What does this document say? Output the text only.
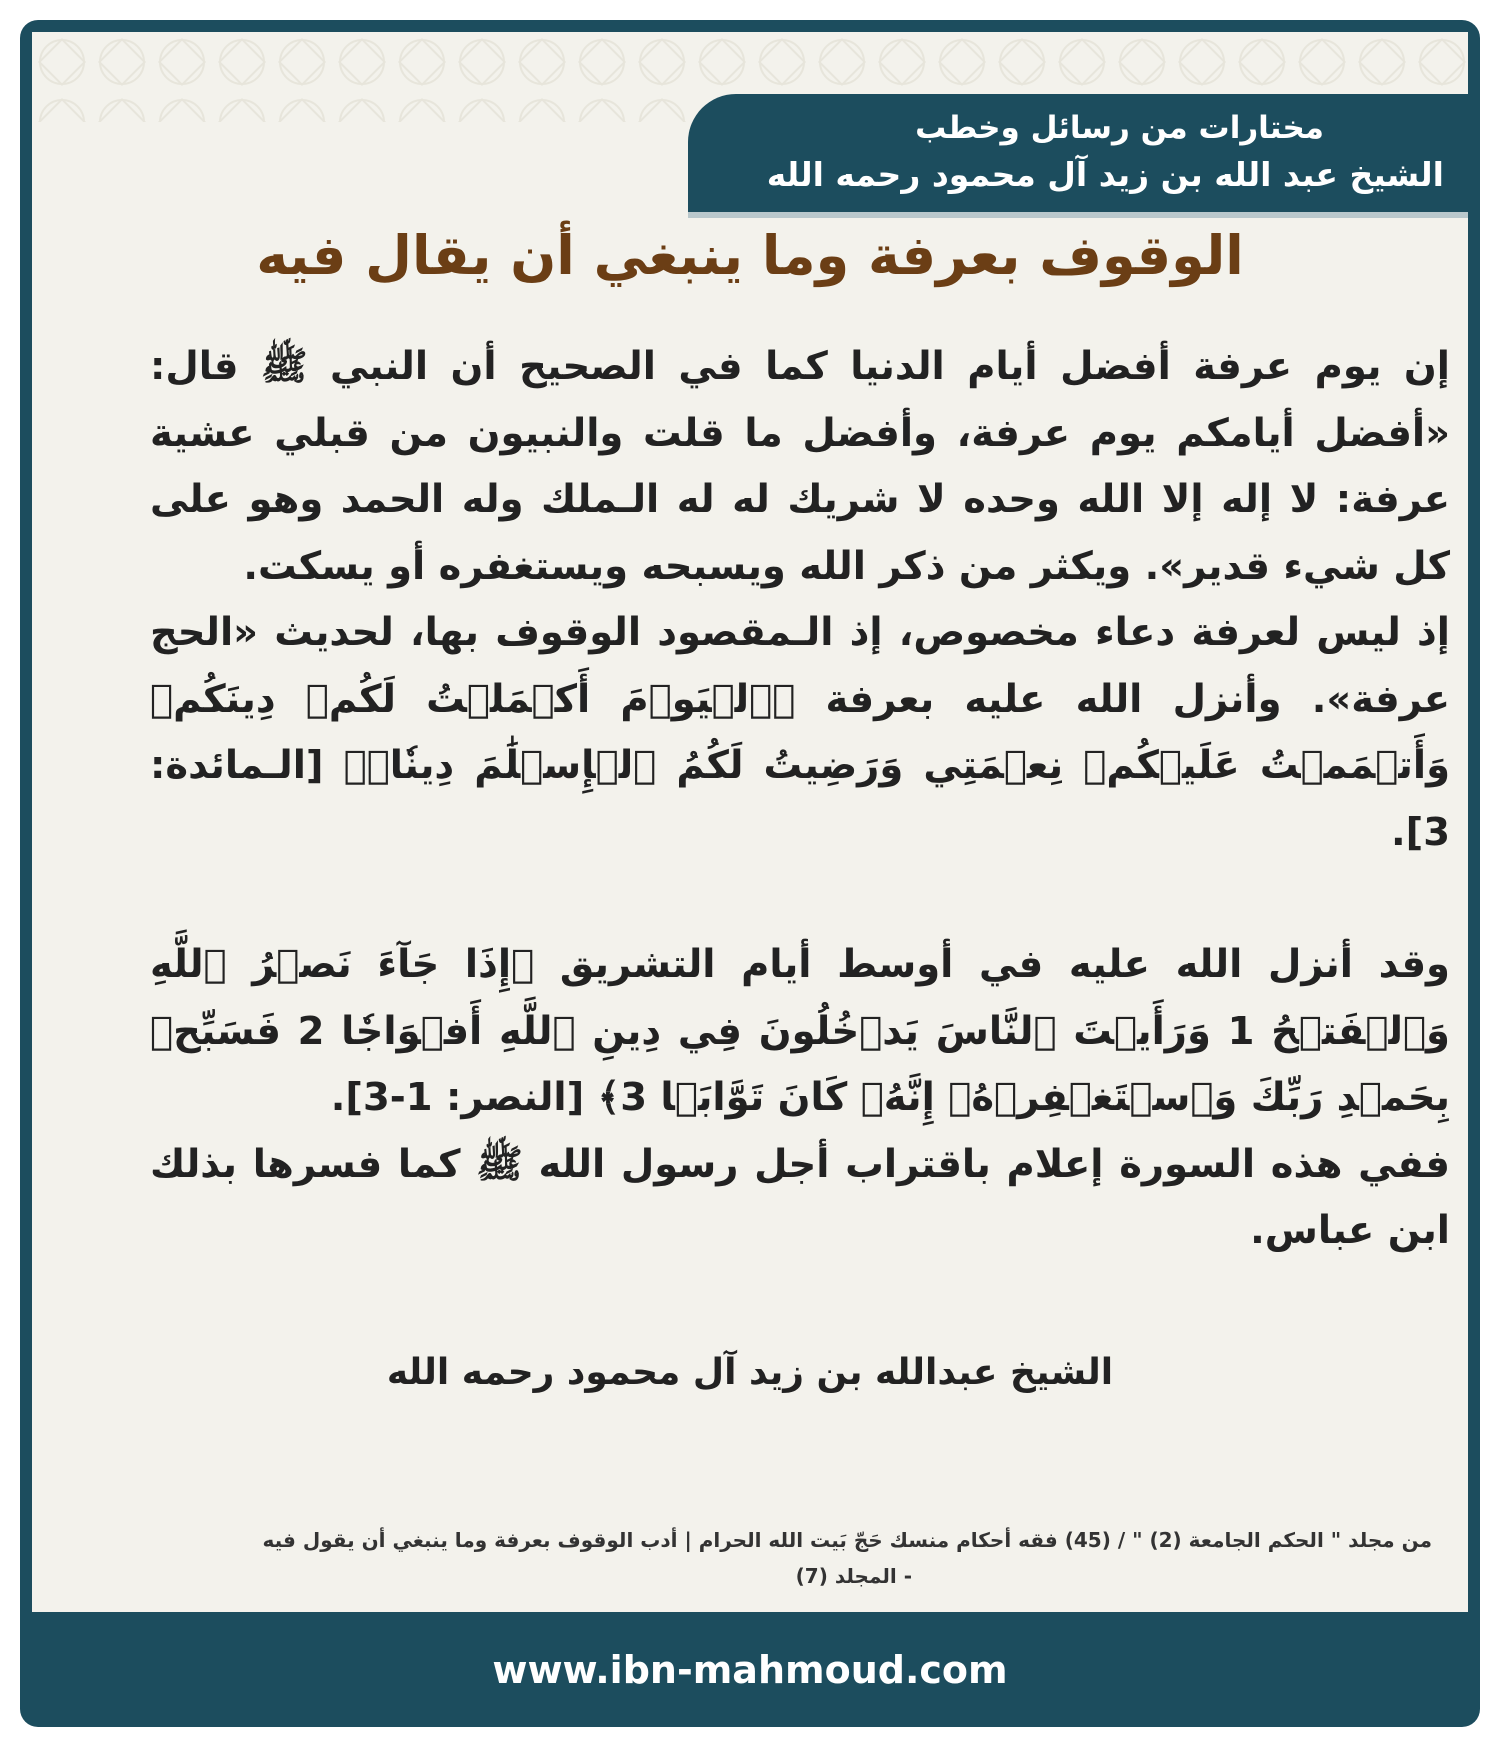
مختارات من رسائل وخطب
الشيخ عبد الله بن زيد آل محمود رحمه الله
الوقوف بعرفة وما ينبغي أن يقال فيه

إن يوم عرفة أفضل أيام الدنيا كما في الصحيح أن النبي ﷺ قال: «أفضل أيامكم يوم عرفة، وأفضل ما قلت والنبيون من قبلي عشية عرفة: لا إله إلا الله وحده لا شريك له له الـملك وله الحمد وهو على كل شيء قدير». ويكثر من ذكر الله ويسبحه ويستغفره أو يسكت.

إذ ليس لعرفة دعاء مخصوص، إذ الـمقصود الوقوف بها، لحديث «الحج عرفة». وأنزل الله عليه بعرفة ﴿ٱلۡيَوۡمَ أَكۡمَلۡتُ لَكُمۡ دِينَكُمۡ وَأَتۡمَمۡتُ عَلَيۡكُمۡ نِعۡمَتِي وَرَضِيتُ لَكُمُ ٱلۡإِسۡلَٰمَ دِينٗاۚ﴾ [الـمائدة: 3].

وقد أنزل الله عليه في أوسط أيام التشريق ﴿إِذَا جَآءَ نَصۡرُ ٱللَّهِ وَٱلۡفَتۡحُ 1 وَرَأَيۡتَ ٱلنَّاسَ يَدۡخُلُونَ فِي دِينِ ٱللَّهِ أَفۡوَاجٗا 2 فَسَبِّحۡ بِحَمۡدِ رَبِّكَ وَٱسۡتَغۡفِرۡهُۚ إِنَّهُۥ كَانَ تَوَّابَۢا 3﴾ [النصر: 1-3].

ففي هذه السورة إعلام باقتراب أجل رسول الله ﷺ كما فسرها بذلك ابن عباس.

الشيخ عبدالله بن زيد آل محمود رحمه الله
من مجلد " الحكم الجامعة (2) " / (45) فقه أحكام منسك حَجّ بَيت الله الحرام | أدب الوقوف بعرفة وما ينبغي أن يقول فيه
- المجلد (7)
www.ibn-mahmoud.com
